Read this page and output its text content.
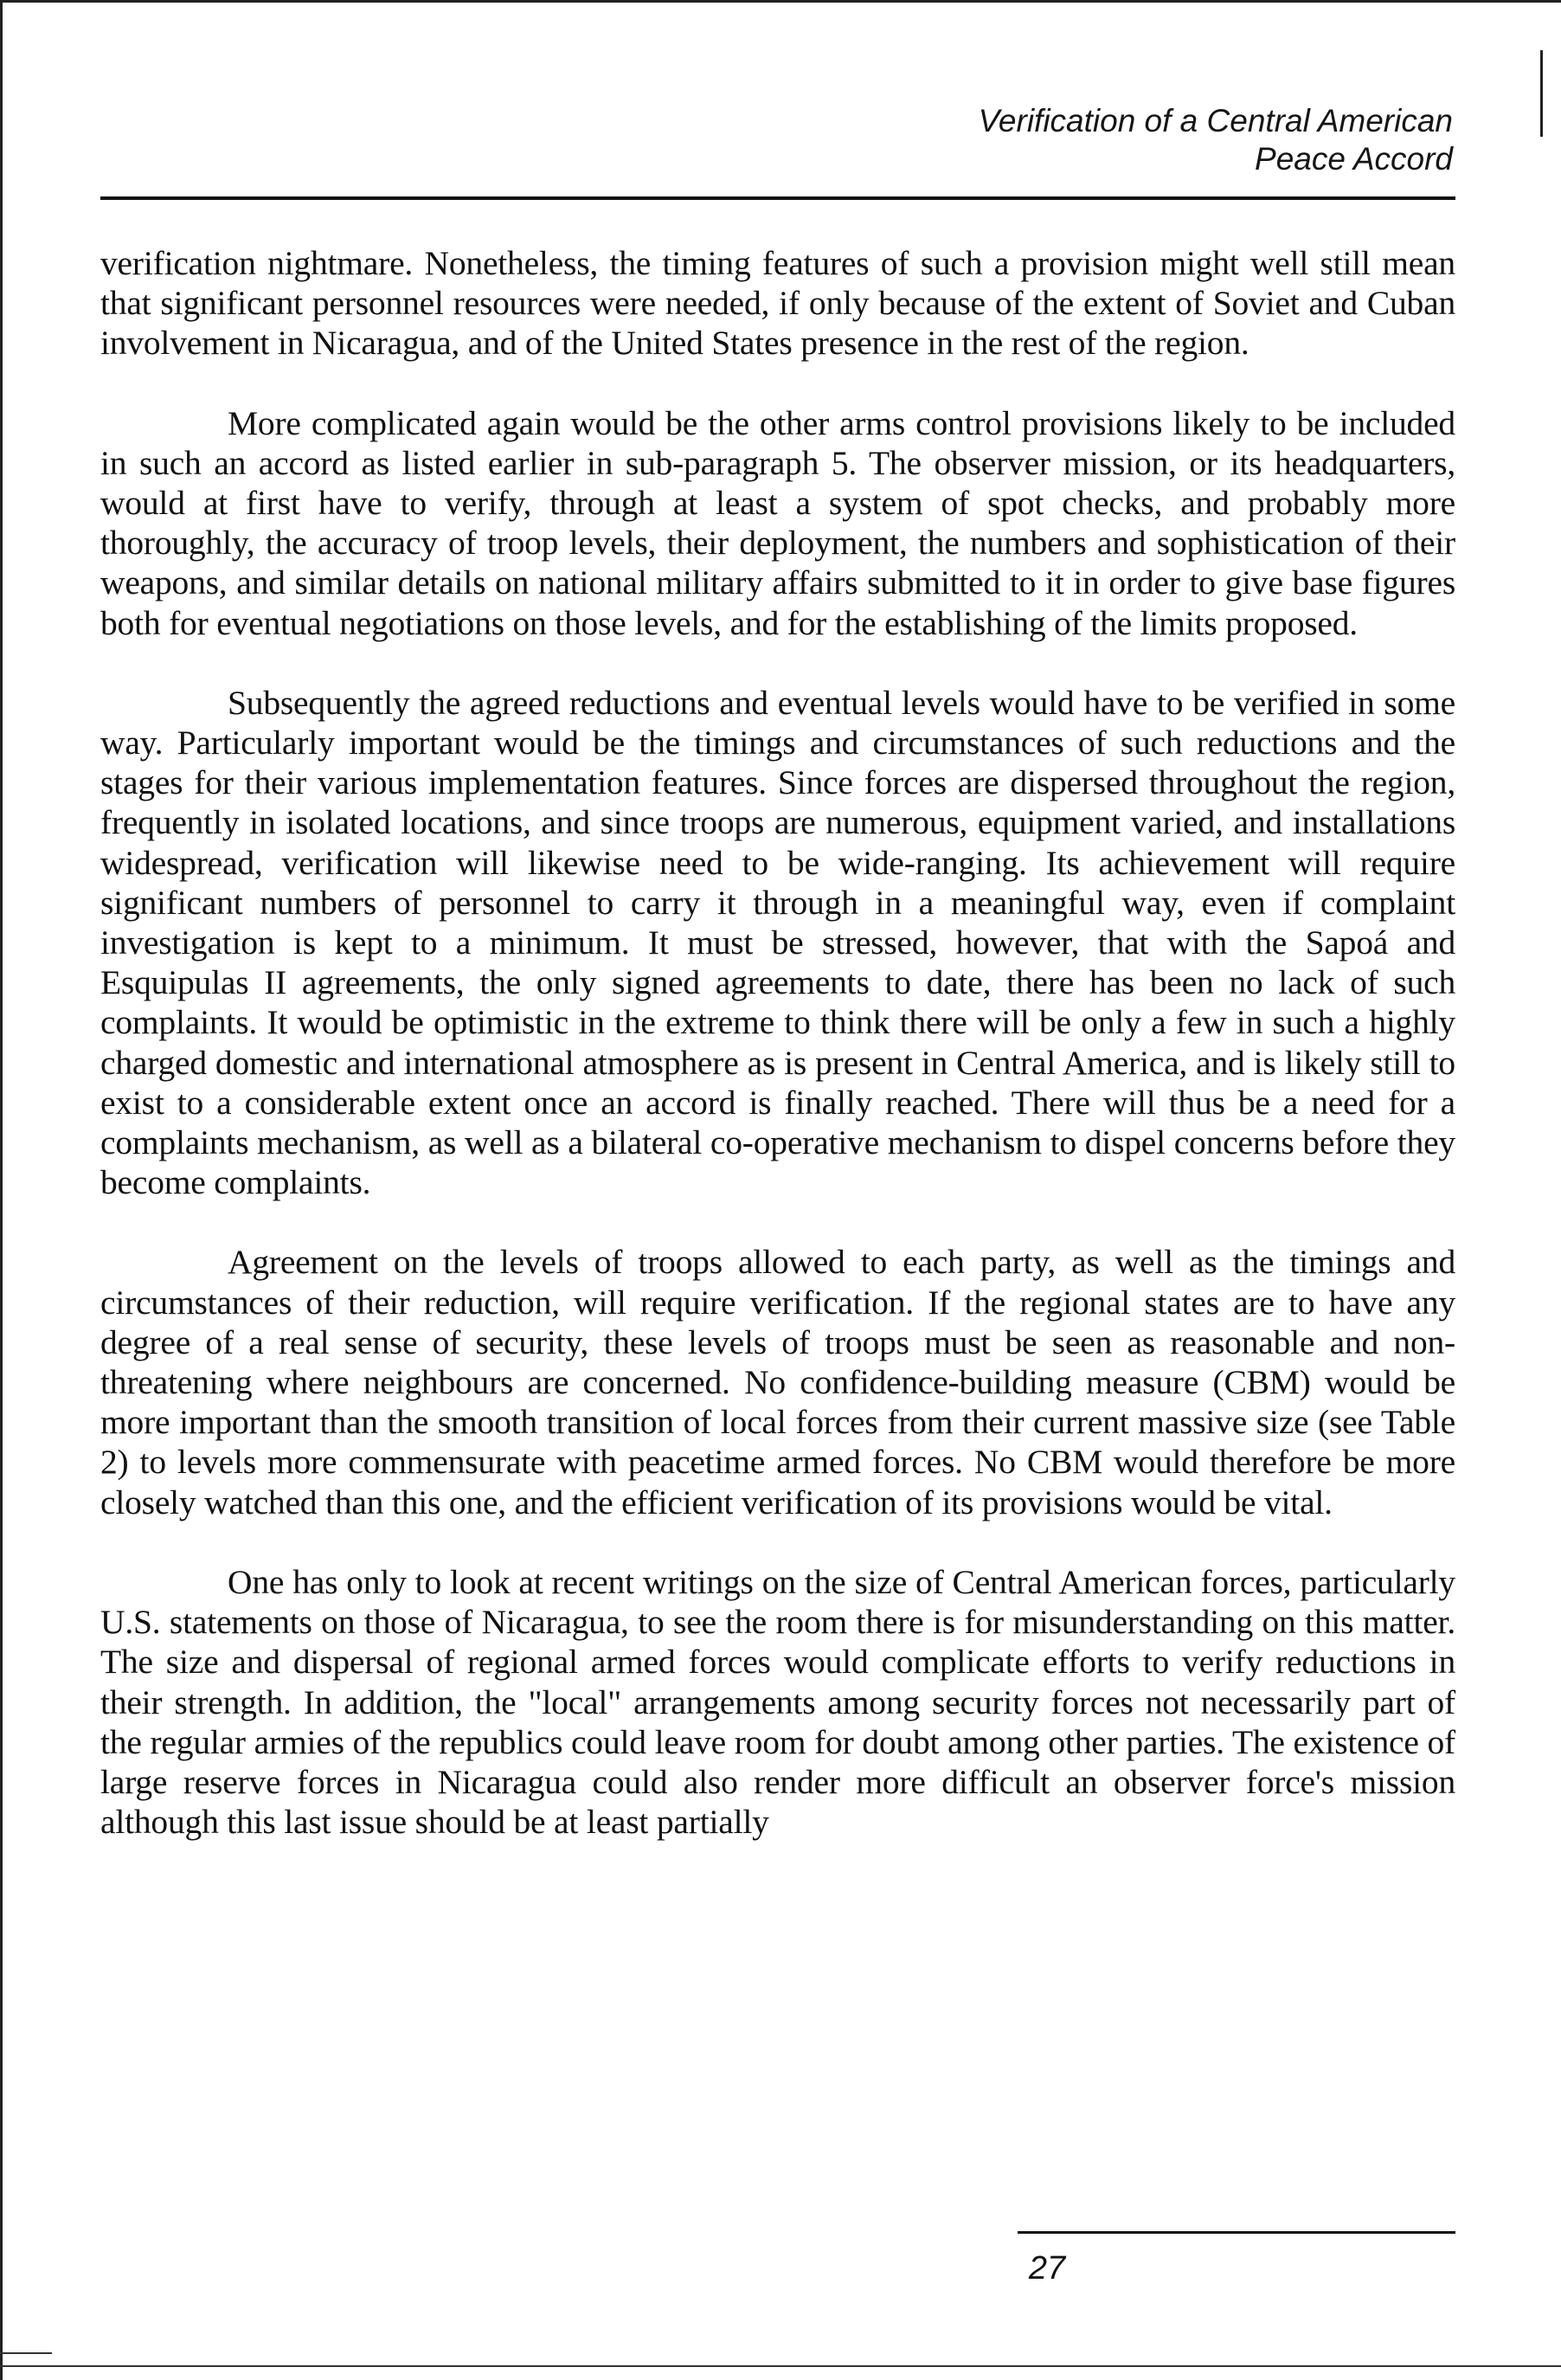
Verification of a Central American
Peace Accord

verification nightmare. Nonetheless, the timing features of such a provision might well still mean that significant personnel resources were needed, if only because of the extent of Soviet and Cuban involvement in Nicaragua, and of the United States presence in the rest of the region.

More complicated again would be the other arms control provisions likely to be included in such an accord as listed earlier in sub-paragraph 5. The observer mission, or its headquarters, would at first have to verify, through at least a system of spot checks, and probably more thoroughly, the accuracy of troop levels, their deployment, the numbers and sophistication of their weapons, and similar details on national military affairs submitted to it in order to give base figures both for eventual negotiations on those levels, and for the establishing of the limits proposed.

Subsequently the agreed reductions and eventual levels would have to be verified in some way. Particularly important would be the timings and circumstances of such reductions and the stages for their various implementation features. Since forces are dispersed throughout the region, frequently in isolated locations, and since troops are numerous, equipment varied, and installations widespread, verification will likewise need to be wide-ranging. Its achievement will require significant numbers of personnel to carry it through in a meaningful way, even if complaint investigation is kept to a minimum. It must be stressed, however, that with the Sapoá and Esquipulas II agreements, the only signed agreements to date, there has been no lack of such complaints. It would be optimistic in the extreme to think there will be only a few in such a highly charged domestic and international atmosphere as is present in Central America, and is likely still to exist to a considerable extent once an accord is finally reached. There will thus be a need for a complaints mechanism, as well as a bilateral co-operative mechanism to dispel concerns before they become complaints.

Agreement on the levels of troops allowed to each party, as well as the timings and circumstances of their reduction, will require verification. If the regional states are to have any degree of a real sense of security, these levels of troops must be seen as reasonable and non-threatening where neighbours are concerned. No confidence-building measure (CBM) would be more important than the smooth transition of local forces from their current massive size (see Table 2) to levels more commensurate with peacetime armed forces. No CBM would therefore be more closely watched than this one, and the efficient verification of its provisions would be vital.

One has only to look at recent writings on the size of Central American forces, particularly U.S. statements on those of Nicaragua, to see the room there is for misunderstanding on this matter. The size and dispersal of regional armed forces would complicate efforts to verify reductions in their strength. In addition, the "local" arrangements among security forces not necessarily part of the regular armies of the republics could leave room for doubt among other parties. The existence of large reserve forces in Nicaragua could also render more difficult an observer force's mission although this last issue should be at least partially

27
